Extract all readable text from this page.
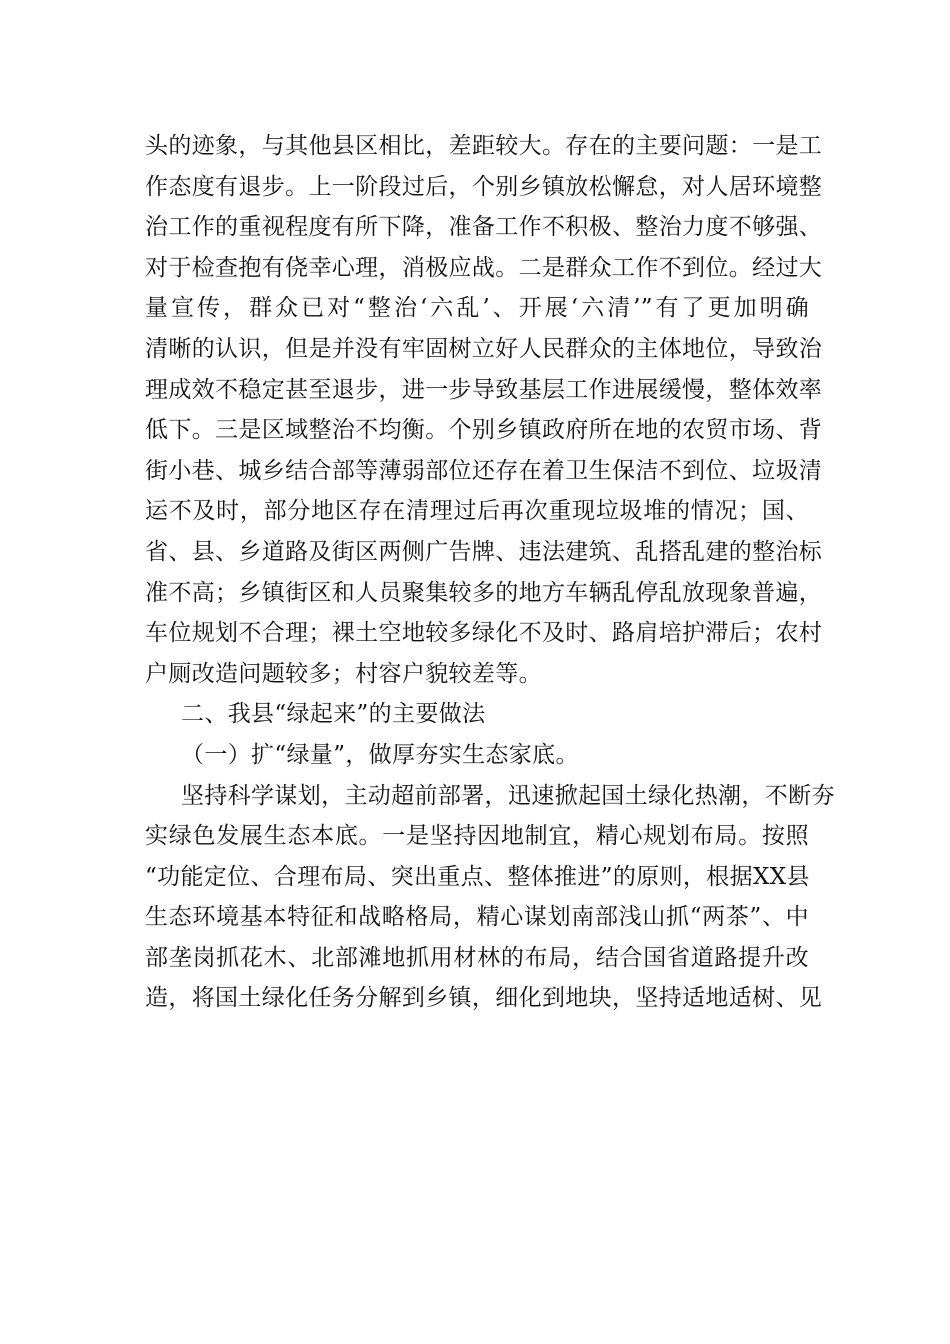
头的迹象，与其他县区相比，差距较大。存在的主要问题：一是工
作态度有退步。上一阶段过后，个别乡镇放松懈怠，对人居环境整
治工作的重视程度有所下降，准备工作不积极、整治力度不够强、
对于检查抱有侥幸心理，消极应战。二是群众工作不到位。经过大
量宣传，群众已对“整治‘六乱’、开展‘六清’”有了更加明确
清晰的认识，但是并没有牢固树立好人民群众的主体地位，导致治
理成效不稳定甚至退步，进一步导致基层工作进展缓慢，整体效率
低下。三是区域整治不均衡。个别乡镇政府所在地的农贸市场、背
街小巷、城乡结合部等薄弱部位还存在着卫生保洁不到位、垃圾清
运不及时，部分地区存在清理过后再次重现垃圾堆的情况；国、
省、县、乡道路及街区两侧广告牌、违法建筑、乱搭乱建的整治标
准不高；乡镇街区和人员聚集较多的地方车辆乱停乱放现象普遍，
车位规划不合理；裸土空地较多绿化不及时、路肩培护滞后；农村
户厕改造问题较多；村容户貌较差等。
二、我县“绿起来”的主要做法
（一）扩“绿量”，做厚夯实生态家底。
坚持科学谋划，主动超前部署，迅速掀起国土绿化热潮，不断夯
实绿色发展生态本底。一是坚持因地制宜，精心规划布局。按照
“功能定位、合理布局、突出重点、整体推进”的原则，根据XX县
生态环境基本特征和战略格局，精心谋划南部浅山抓“两茶”、中
部垄岗抓花木、北部滩地抓用材林的布局，结合国省道路提升改
造，将国土绿化任务分解到乡镇，细化到地块，坚持适地适树、见
